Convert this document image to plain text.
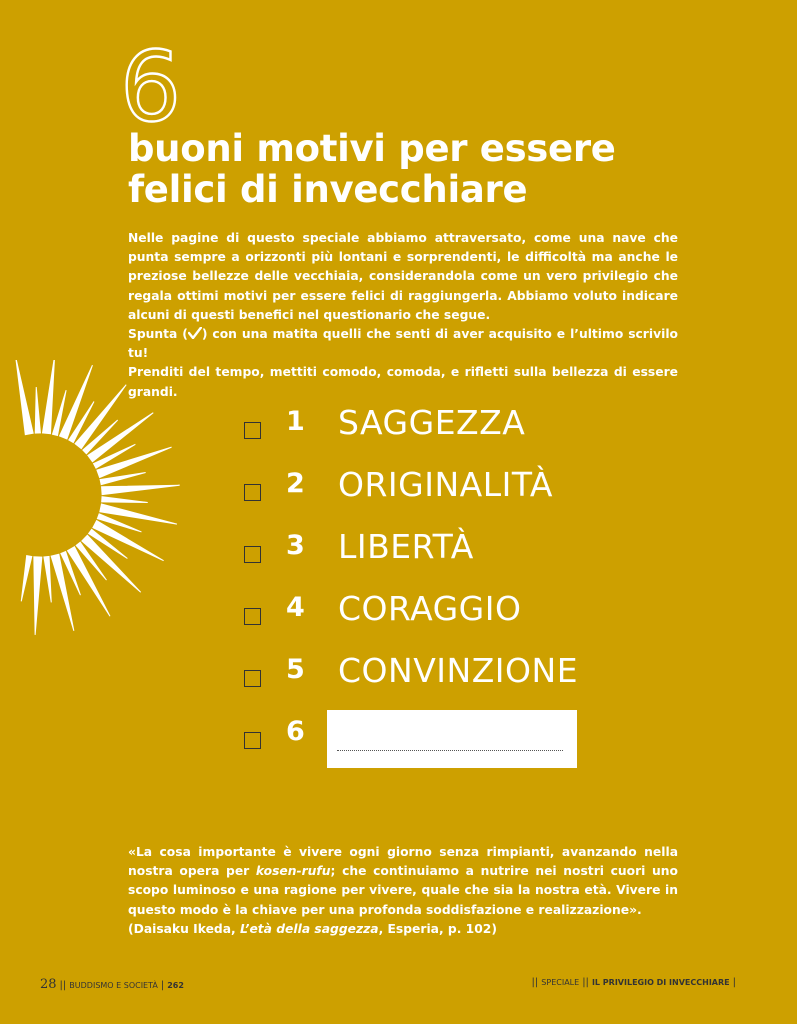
buoni motivi per essere
felici di invecchiare

Nelle pagine di questo speciale abbiamo attraversato, come una nave che punta sempre a orizzonti più lontani e sorprendenti, le difficoltà ma anche le preziose bellezze delle vecchiaia, considerandola come un vero privilegio che regala ottimi motivi per essere felici di raggiungerla. Abbiamo voluto indicare alcuni di questi benefici nel questionario che segue.

Spunta ( ) con una matita quelli che senti di aver acquisito e l’ultimo scrivilo tu!

Prenditi del tempo, mettiti comodo, comoda, e rifletti sulla bellezza di essere grandi.

1 SAGGEZZA
2 ORIGINALITÀ
3 LIBERTÀ
4 CORAGGIO
5 CONVINZIONE
6

«La cosa importante è vivere ogni giorno senza rimpianti, avanzando nella nostra opera per kosen-rufu; che continuiamo a nutrire nei nostri cuori uno scopo luminoso e una ragione per vivere, quale che sia la nostra età. Vivere in questo modo è la chiave per una profonda soddisfazione e realizzazione».

(Daisaku Ikeda, L’età della saggezza, Esperia, p. 102)

28 || BUDDISMO E SOCIETÀ | 262	|| SPECIALE || IL PRIVILEGIO DI INVECCHIARE |
